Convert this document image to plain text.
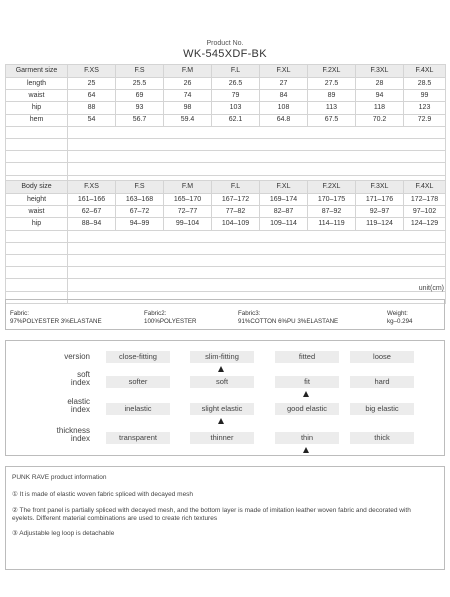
Product No.
WK-545XDF-BK
Garment size	F.XS	F.S	F.M	F.L	F.XL	F.2XL	F.3XL	F.4XL
length	25	25.5	26	26.5	27	27.5	28	28.5
waist	64	69	74	79	84	89	94	99
hip	88	93	98	103	108	113	118	123
hem	54	56.7	59.4	62.1	64.8	67.5	70.2	72.9

Body size	F.XS	F.S	F.M	F.L	F.XL	F.2XL	F.3XL	F.4XL
height	161–166	163–168	165–170	167–172	169–174	170–175	171–176	172–178
waist	62–67	67–72	72–77	77–82	82–87	87–92	92–97	97–102
hip	88–94	94–99	99–104	104–109	109–114	114–119	119–124	124–129

unit(cm)
Fabric:
97%POLYESTER 3%ELASTANE
Fabric2:
100%POLYESTER
Fabric3:
91%COTTON 6%PU 3%ELASTANE
Weight:
kg–0.294
version	close-fitting	slim-fitting	fitted	loose
soft
index	softer	soft	fit	hard
elastic
index	inelastic	slight elastic	good elastic	big elastic
thickness
index	transparent	thinner	thin	thick
PUNK RAVE product information
① It is made of elastic woven fabric spliced with decayed mesh
② The front panel is partially spliced with decayed mesh, and the bottom layer is made of imitation leather woven fabric and decorated with eyelets. Different material combinations are used to create rich textures
③ Adjustable leg loop is detachable
